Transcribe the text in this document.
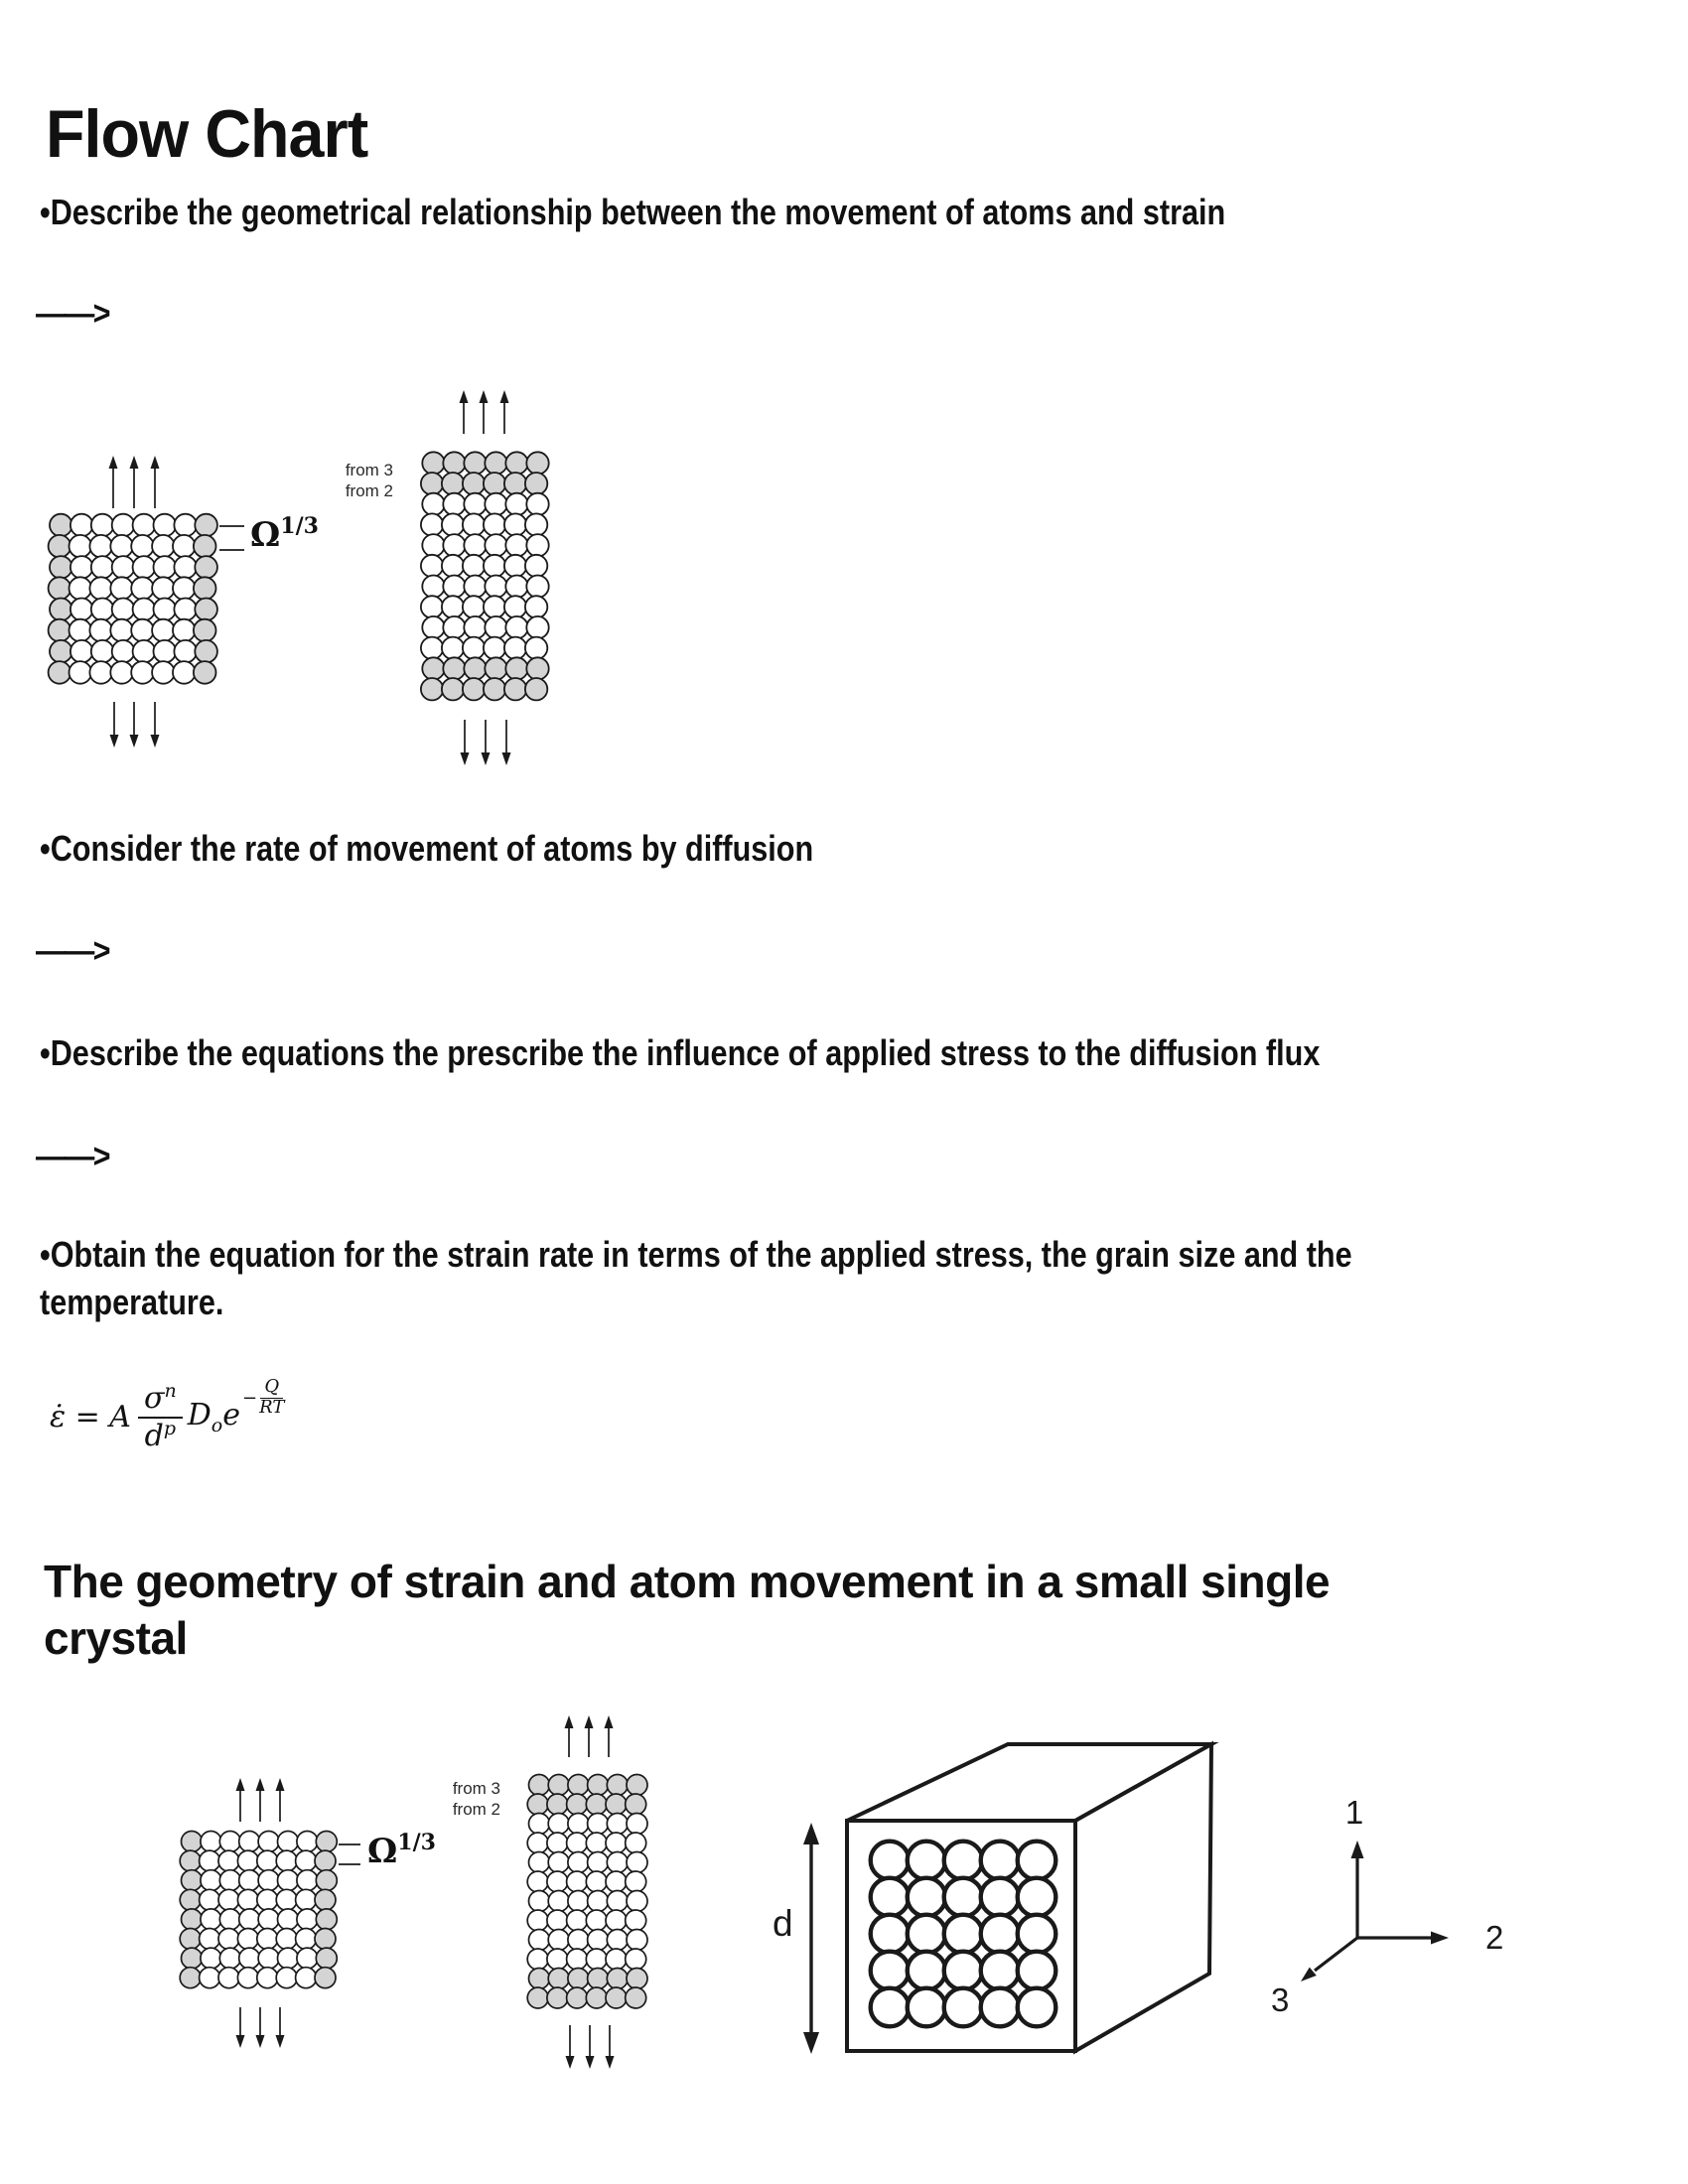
Flow Chart
•Describe the geometrical relationship between the movement of atoms and strain
——>
$\Omega^{1/3}$
from 3
from 2
•Consider the rate of movement of atoms by diffusion
——>
•Describe the equations the prescribe the influence of applied stress to the diffusion flux
——>
•Obtain the equation for the strain rate in terms of the applied stress, the grain size and the
temperature.
ε̇ = A $\frac{\sigma^n}{d^p} D_oe - \frac{Q}{RT}$
The geometry of strain and atom movement in a small single
crystal
$\Omega^{1/3}$
from 3
from 2
d
1
2
3
